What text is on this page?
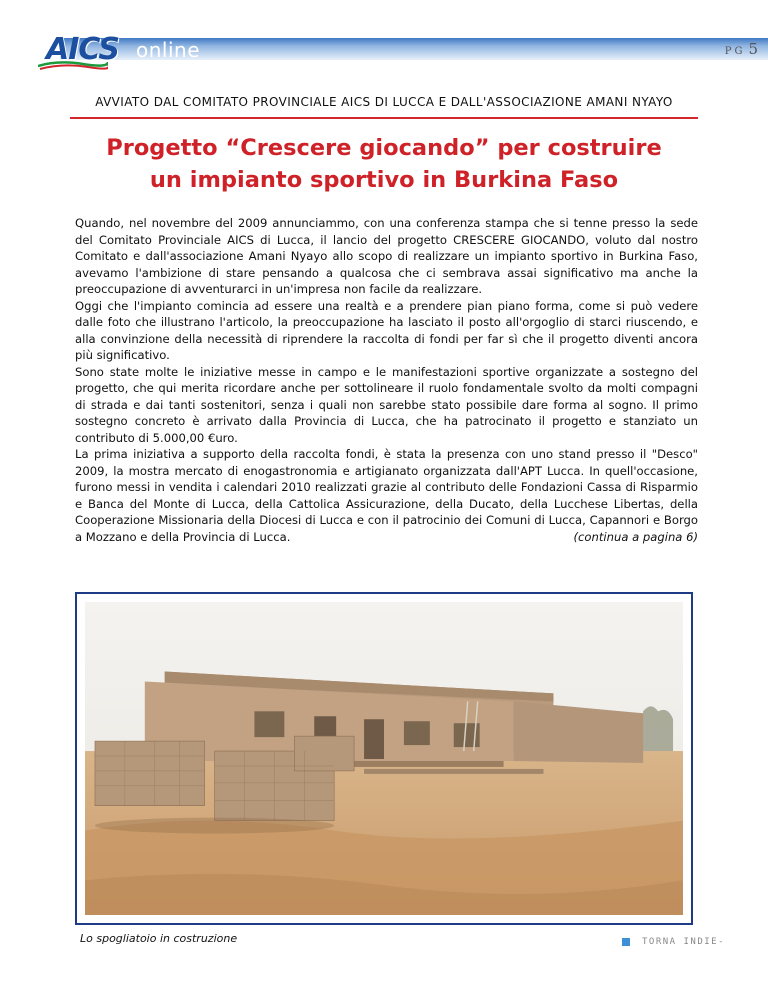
AICS online	PG 5
AVVIATO DAL COMITATO PROVINCIALE AICS DI LUCCA E DALL'ASSOCIAZIONE AMANI NYAYO
Progetto “Crescere giocando” per costruire
un impianto sportivo in Burkina Faso

Quando, nel novembre del 2009 annunciammo, con una conferenza stampa che si tenne presso la sede del Comitato Provinciale AICS di Lucca, il lancio del progetto CRESCERE GIOCANDO, voluto dal nostro Comitato e dall'associazione Amani Nyayo allo scopo di realizzare un impianto sportivo in Burkina Faso, avevamo l'ambizione di stare pensando a qualcosa che ci sembrava assai significativo ma anche la preoccupazione di avventurarci in un'impresa non facile da realizzare.

Oggi che l'impianto comincia ad essere una realtà e a prendere pian piano forma, come si può vedere dalle foto che illustrano l'articolo, la preoccupazione ha lasciato il posto all'orgoglio di starci riuscendo, e alla convinzione della necessità di riprendere la raccolta di fondi per far sì che il progetto diventi ancora più significativo.

Sono state molte le iniziative messe in campo e le manifestazioni sportive organizzate a sostegno del progetto, che qui merita ricordare anche per sottolineare il ruolo fondamentale svolto da molti compagni di strada e dai tanti sostenitori, senza i quali non sarebbe stato possibile dare forma al sogno. Il primo sostegno concreto è arrivato dalla Provincia di Lucca, che ha patrocinato il progetto e stanziato un contributo di 5.000,00 €uro.

La prima iniziativa a supporto della raccolta fondi, è stata la presenza con uno stand presso il "Desco" 2009, la mostra mercato di enogastronomia e artigianato organizzata dall'APT Lucca. In quell'occasione, furono messi in vendita i calendari 2010 realizzati grazie al contributo delle Fondazioni Cassa di Risparmio e Banca del Monte di Lucca, della Cattolica Assicurazione, della Ducato, della Lucchese Libertas, della Cooperazione Missionaria della Diocesi di Lucca e con il patrocinio dei Comuni di Lucca, Capannori e Borgo a Mozzano e della Provincia di Lucca.	(continua a pagina 6)

Lo spogliatoio in costruzione	TORNA INDIE-
